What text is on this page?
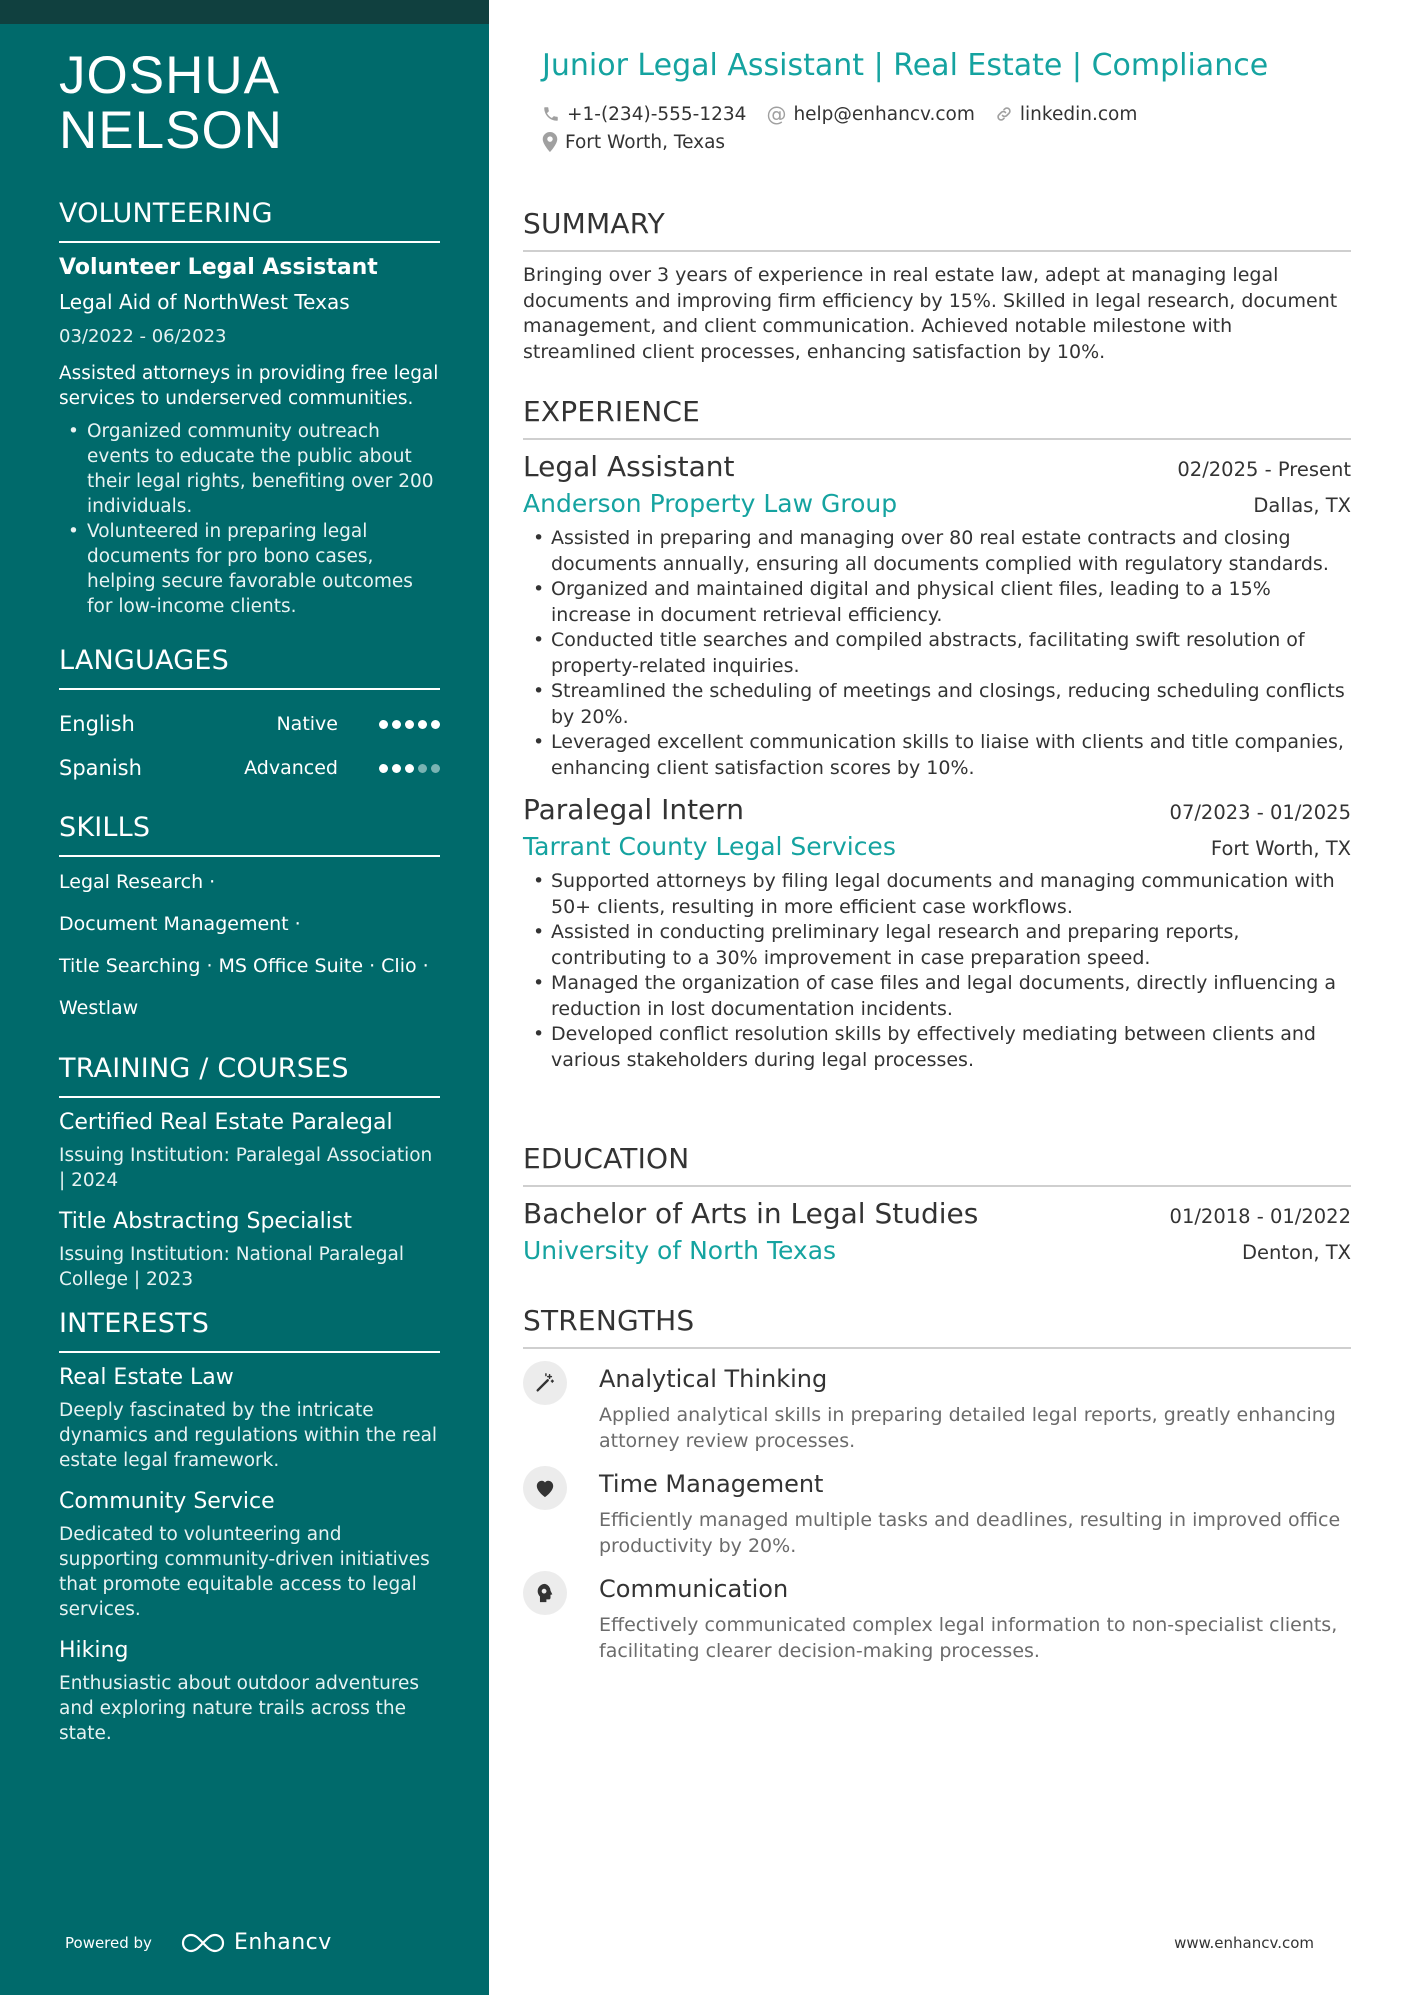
JOSHUA
NELSON
VOLUNTEERING
Volunteer Legal Assistant
Legal Aid of NorthWest Texas
03/2022 - 06/2023
Assisted attorneys in providing free legal services to underserved communities.
• Organized community outreach events to educate the public about their legal rights, benefiting over 200 individuals.
• Volunteered in preparing legal documents for pro bono cases, helping secure favorable outcomes for low-income clients.
LANGUAGES
English	Native
Spanish	Advanced
SKILLS
Legal Research ·
Document Management ·
Title Searching · MS Office Suite · Clio ·
Westlaw
TRAINING / COURSES
Certified Real Estate Paralegal
Issuing Institution: Paralegal Association | 2024
Title Abstracting Specialist
Issuing Institution: National Paralegal College | 2023
INTERESTS
Real Estate Law
Deeply fascinated by the intricate dynamics and regulations within the real estate legal framework.
Community Service
Dedicated to volunteering and supporting community-driven initiatives that promote equitable access to legal services.
Hiking
Enthusiastic about outdoor adventures and exploring nature trails across the state.
Powered by	Enhancv
Junior Legal Assistant | Real Estate | Compliance
+1-(234)-555-1234 @ help@enhancv.com linkedin.com
Fort Worth, Texas
SUMMARY
Bringing over 3 years of experience in real estate law, adept at managing legal documents and improving firm efficiency by 15%. Skilled in legal research, document management, and client communication. Achieved notable milestone with streamlined client processes, enhancing satisfaction by 10%.
EXPERIENCE
Legal Assistant	02/2025 - Present
Anderson Property Law Group	Dallas, TX
• Assisted in preparing and managing over 80 real estate contracts and closing documents annually, ensuring all documents complied with regulatory standards.
• Organized and maintained digital and physical client files, leading to a 15% increase in document retrieval efficiency.
• Conducted title searches and compiled abstracts, facilitating swift resolution of property-related inquiries.
• Streamlined the scheduling of meetings and closings, reducing scheduling conflicts by 20%.
• Leveraged excellent communication skills to liaise with clients and title companies, enhancing client satisfaction scores by 10%.
Paralegal Intern	07/2023 - 01/2025
Tarrant County Legal Services	Fort Worth, TX
• Supported attorneys by filing legal documents and managing communication with 50+ clients, resulting in more efficient case workflows.
• Assisted in conducting preliminary legal research and preparing reports, contributing to a 30% improvement in case preparation speed.
• Managed the organization of case files and legal documents, directly influencing a reduction in lost documentation incidents.
• Developed conflict resolution skills by effectively mediating between clients and various stakeholders during legal processes.
EDUCATION
Bachelor of Arts in Legal Studies	01/2018 - 01/2022
University of North Texas	Denton, TX
STRENGTHS
Analytical Thinking
Applied analytical skills in preparing detailed legal reports, greatly enhancing attorney review processes.
Time Management
Efficiently managed multiple tasks and deadlines, resulting in improved office productivity by 20%.
Communication
Effectively communicated complex legal information to non-specialist clients, facilitating clearer decision-making processes.
www.enhancv.com
